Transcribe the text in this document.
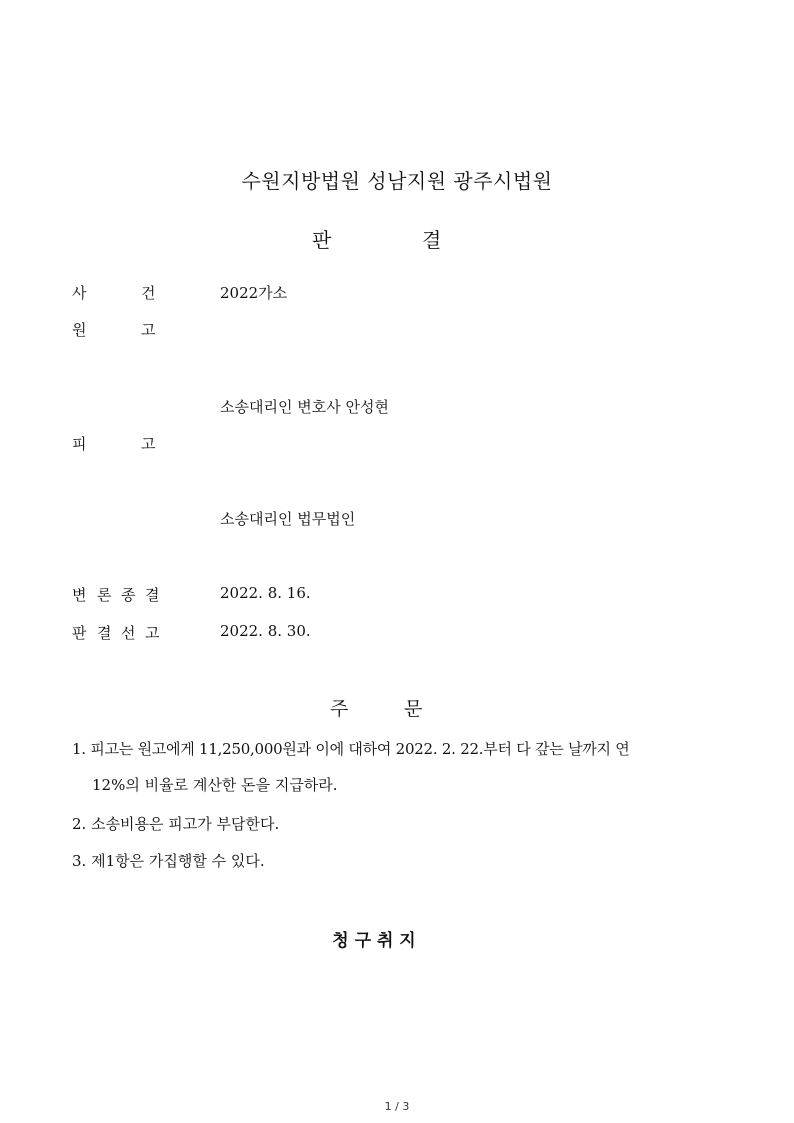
수원지방법원 성남지원 광주시법원
판	결
사	건	2022가소
원	고
소송대리인 변호사 안성현
피	고
소송대리인 법무법인
변 론 종 결	2022. 8. 16.
판 결 선 고	2022. 8. 30.
주	문
1. 피고는 원고에게 11,250,000원과 이에 대하여 2022. 2. 22.부터 다 갚는 날까지 연
12%의 비율로 계산한 돈을 지급하라.
2. 소송비용은 피고가 부담한다.
3. 제1항은 가집행할 수 있다.
청 구 취 지
1 / 3
